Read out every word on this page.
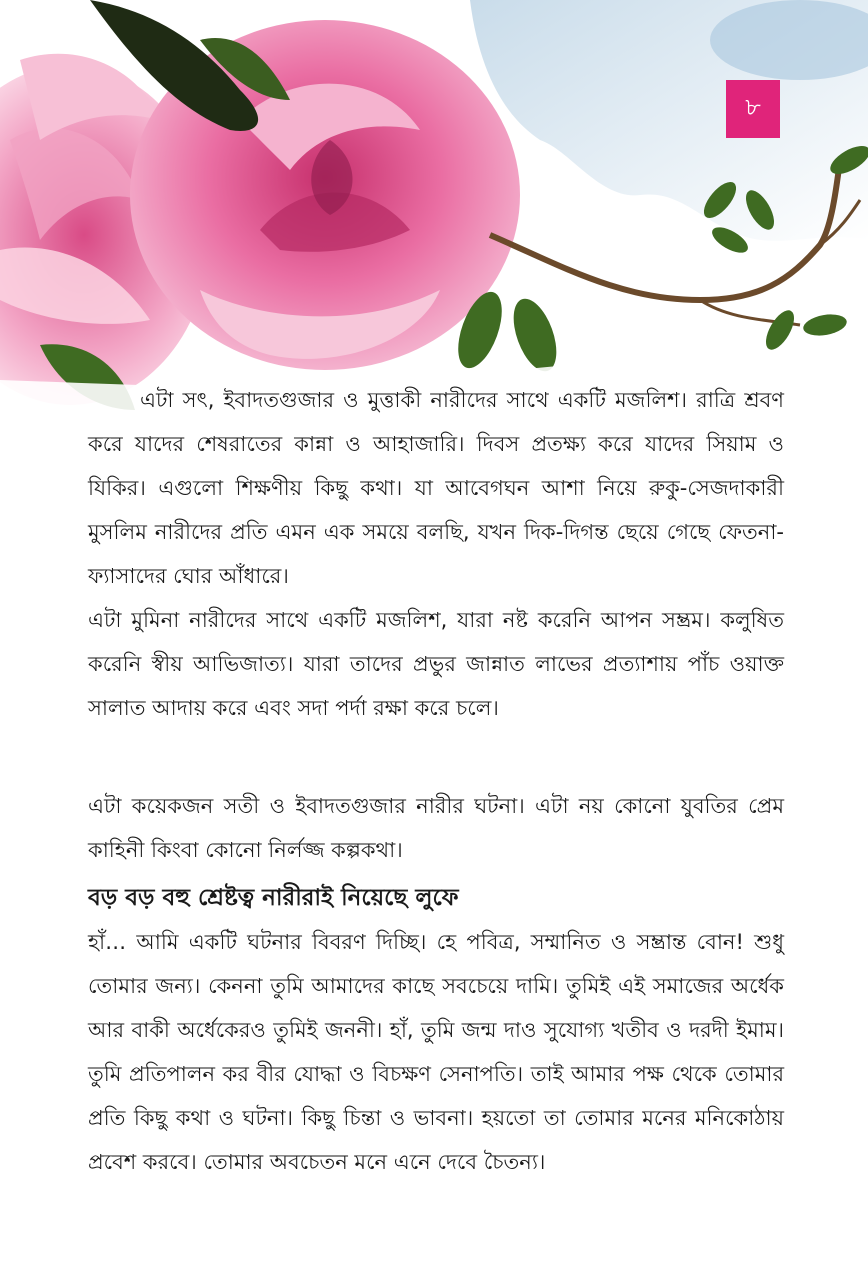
৮

এটা সৎ, ইবাদতগুজার ও মুত্তাকী নারীদের সাথে একটি মজলিশ। রাত্রি শ্রবণ করে যাদের শেষরাতের কান্না ও আহাজারি। দিবস প্রতক্ষ্য করে যাদের সিয়াম ও যিকির। এগুলো শিক্ষণীয় কিছু কথা। যা আবেগঘন আশা নিয়ে রুকু-সেজদাকারী মুসলিম নারীদের প্রতি এমন এক সময়ে বলছি, যখন দিক-দিগন্ত ছেয়ে গেছে ফেতনা-ফ্যাসাদের ঘোর আঁধারে।

এটা মুমিনা নারীদের সাথে একটি মজলিশ, যারা নষ্ট করেনি আপন সম্ভ্রম। কলুষিত করেনি স্বীয় আভিজাত্য। যারা তাদের প্রভুর জান্নাত লাভের প্রত্যাশায় পাঁচ ওয়াক্ত সালাত আদায় করে এবং সদা পর্দা রক্ষা করে চলে।

এটা কয়েকজন সতী ও ইবাদতগুজার নারীর ঘটনা। এটা নয় কোনো যুবতির প্রেম কাহিনী কিংবা কোনো নির্লজ্জ কল্পকথা।

বড় বড় বহু শ্রেষ্টত্ব নারীরাই নিয়েছে লুফে

হাঁ… আমি একটি ঘটনার বিবরণ দিচ্ছি। হে পবিত্র, সম্মানিত ও সম্ভ্রান্ত বোন! শুধু তোমার জন্য। কেননা তুমি আমাদের কাছে সবচেয়ে দামি। তুমিই এই সমাজের অর্ধেক আর বাকী অর্ধেকেরও তুমিই জননী। হাঁ, তুমি জন্ম দাও সুযোগ্য খতীব ও দরদী ইমাম। তুমি প্রতিপালন কর বীর যোদ্ধা ও বিচক্ষণ সেনাপতি। তাই আমার পক্ষ থেকে তোমার প্রতি কিছু কথা ও ঘটনা। কিছু চিন্তা ও ভাবনা। হয়তো তা তোমার মনের মনিকোঠায় প্রবেশ করবে। তোমার অবচেতন মনে এনে দেবে চৈতন্য।
